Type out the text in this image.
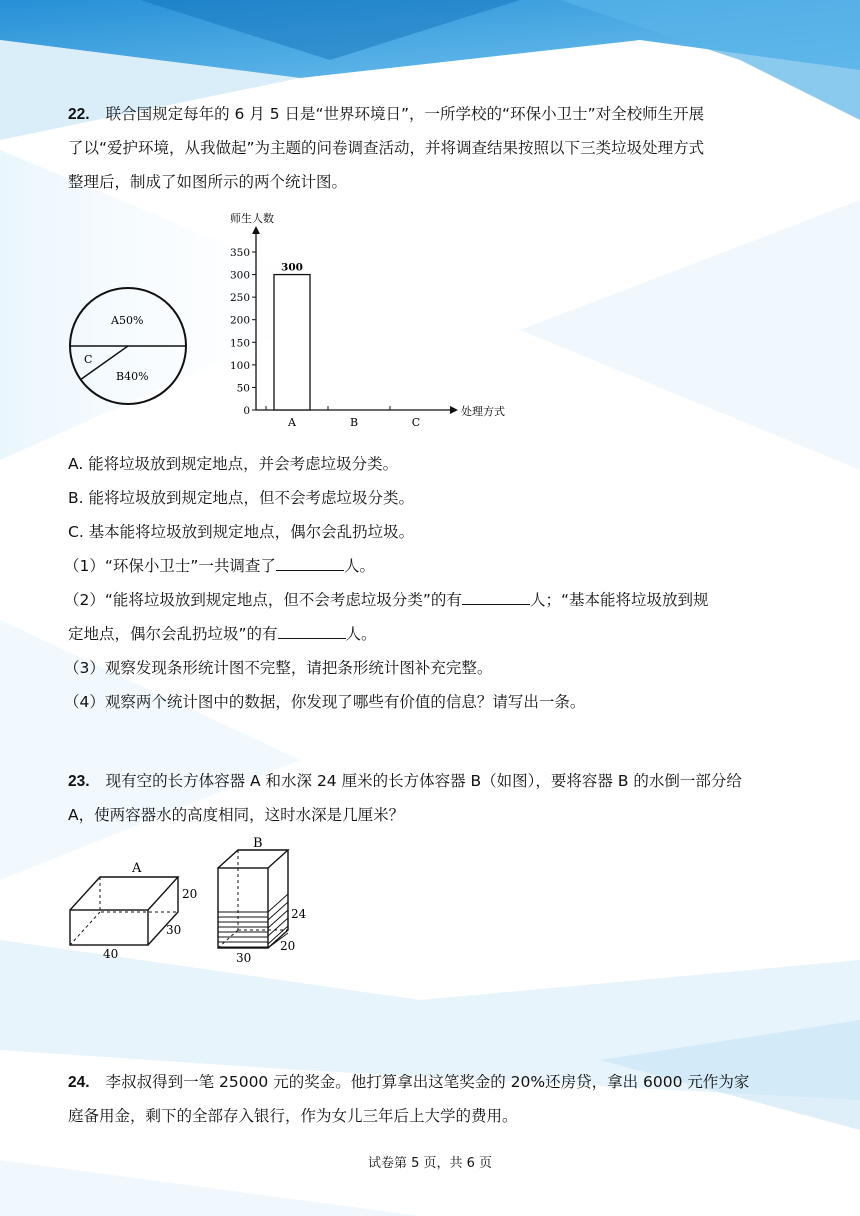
22. 联合国规定每年的 6 月 5 日是“世界环境日”，一所学校的“环保小卫士”对全校师生开展
了以“爱护环境，从我做起”为主题的问卷调查活动，并将调查结果按照以下三类垃圾处理方式
整理后，制成了如图所示的两个统计图。
A50%
C
B40%
师生人数
0
50
100
150
200
250
300
350
A
300
B	C
处理方式
A. 能将垃圾放到规定地点，并会考虑垃圾分类。
B. 能将垃圾放到规定地点，但不会考虑垃圾分类。
C. 基本能将垃圾放到规定地点，偶尔会乱扔垃圾。
（1）“环保小卫士”一共调查了	人。
（2）“能将垃圾放到规定地点，但不会考虑垃圾分类”的有	人；“基本能将垃圾放到规
定地点，偶尔会乱扔垃圾”的有	人。
（3）观察发现条形统计图不完整，请把条形统计图补充完整。
（4）观察两个统计图中的数据，你发现了哪些有价值的信息？请写出一条。
23. 现有空的长方体容器 A 和水深 24 厘米的长方体容器 B（如图），要将容器 B 的水倒一部分给
A，使两容器水的高度相同，这时水深是几厘米？
A
20
30
40
B
24
20
30
24. 李叔叔得到一笔 25000 元的奖金。他打算拿出这笔奖金的 20%还房贷，拿出 6000 元作为家
庭备用金，剩下的全部存入银行，作为女儿三年后上大学的费用。
试卷第 5 页，共 6 页
